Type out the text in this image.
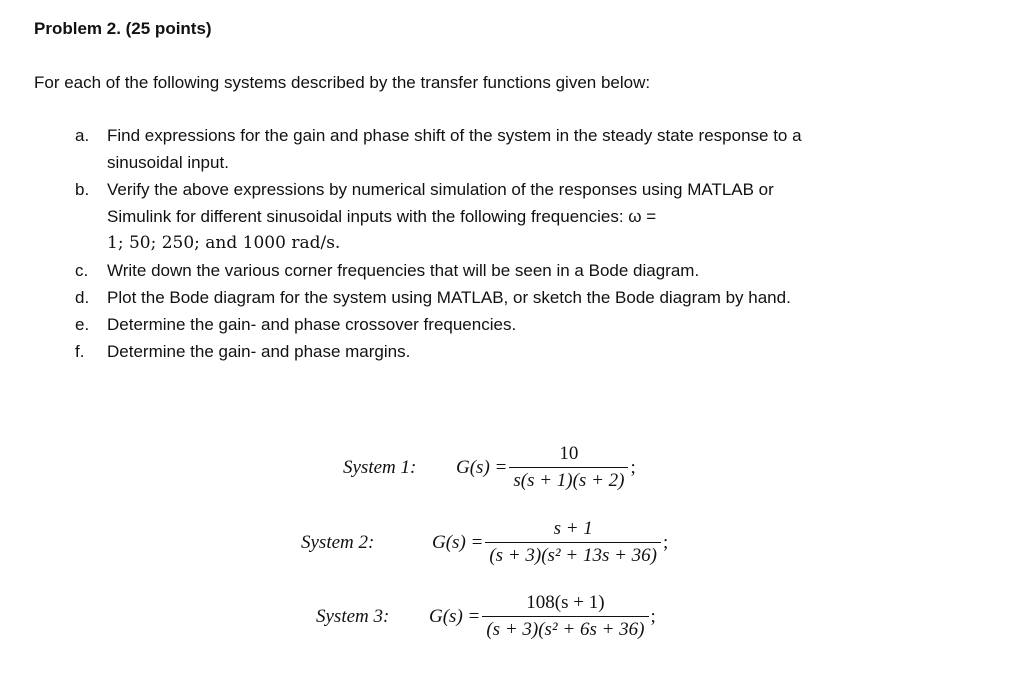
Problem 2. (25 points)
For each of the following systems described by the transfer functions given below:
a. Find expressions for the gain and phase shift of the system in the steady state response to a
sinusoidal input.
b. Verify the above expressions by numerical simulation of the responses using MATLAB or
Simulink for different sinusoidal inputs with the following frequencies: ω =
1; 50; 250; and 1000 rad/s.
c. Write down the various corner frequencies that will be seen in a Bode diagram.
d. Plot the Bode diagram for the system using MATLAB, or sketch the Bode diagram by hand.
e. Determine the gain- and phase crossover frequencies.
f. Determine the gain- and phase margins.
System 1:	$G(s) = \frac{10}{s(s + 1)(s + 2)}$ ;
System 2:	$G(s) = \frac{s + 1}{\text{(s + 3)(s² + 13s + 36)}}$ ;
System 3:	$G(s) = \frac{108(s + 1)}{\text{(s + 3)(s² + 6s + 36)}}$ ;
